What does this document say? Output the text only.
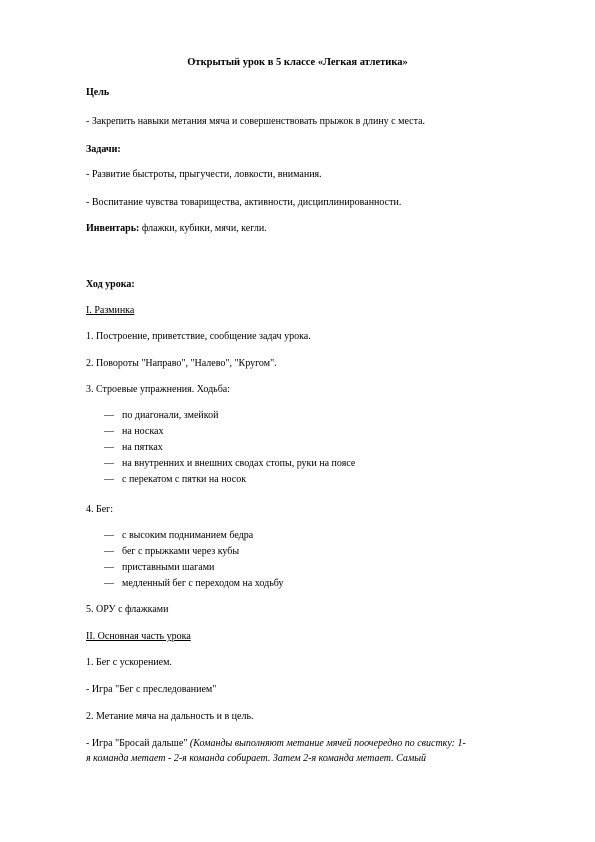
Открытый урок в 5 классе «Легкая атлетика»
Цель
- Закрепить навыки метания мяча и совершенствовать прыжок в длину с места.
Задачи:
- Развитие быстроты, прыгучести, ловкости, внимания.
- Воспитание чувства товарищества, активности, дисциплинированности.
Инвентарь: флажки, кубики, мячи, кегли.
Ход урока:
I. Разминка
1. Построение, приветствие, сообщение задач урока.
2. Повороты "Направо", "Налево", "Кругом".
3. Строевые упражнения. Ходьба:
— по диагонали, змейкой
— на носках
— на пятках
— на внутренних и внешних сводах стопы, руки на поясе
— с перекатом с пятки на носок
4. Бег:
— с высоким подниманием бедра
— бег с прыжками через кубы
— приставными шагами
— медленный бег с переходом на ходьбу
5. ОРУ с флажками
II. Основная часть урока
1. Бег с ускорением.
- Игра "Бег с преследованием"
2. Метание мяча на дальность и в цель.
- Игра "Бросай дальше" (Команды выполняют метание мячей поочередно по свистку: 1-
я команда метает - 2-я команда собирает. Затем 2-я команда метает. Самый
